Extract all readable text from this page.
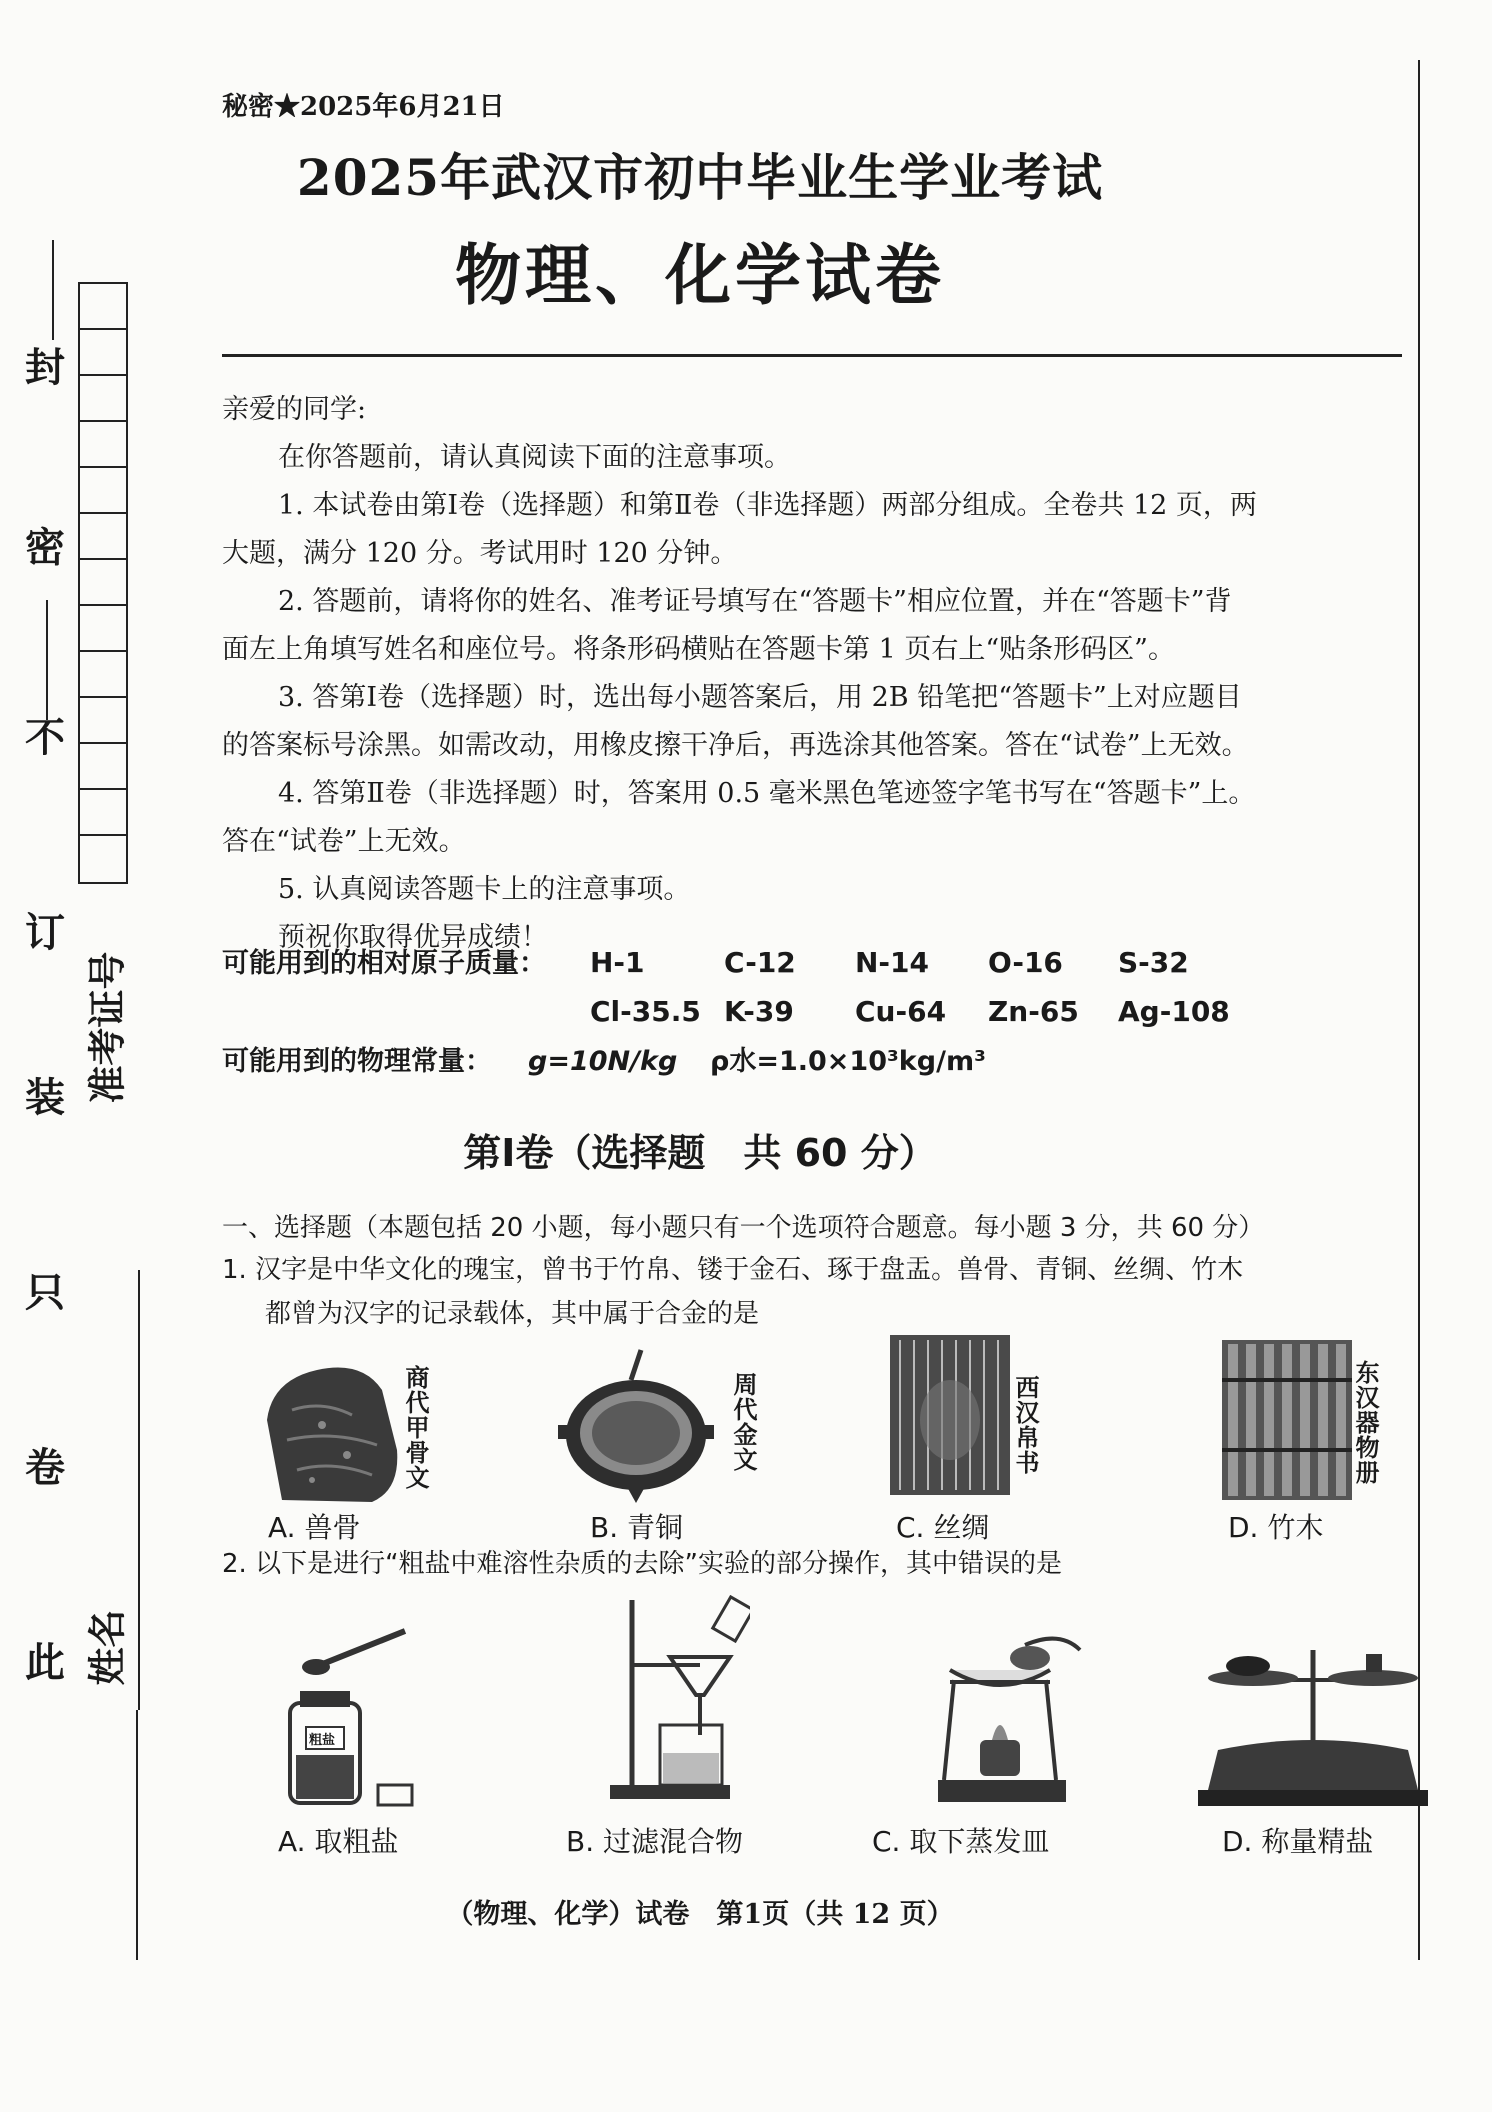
封
密
不
订
装
只
卷
此
准考证号
姓名
秘密★2025年6月21日
2025年武汉市初中毕业生学业考试
物理、化学试卷
亲爱的同学:
在你答题前，请认真阅读下面的注意事项。
1. 本试卷由第Ⅰ卷（选择题）和第Ⅱ卷（非选择题）两部分组成。全卷共 12 页，两
大题，满分 120 分。考试用时 120 分钟。
2. 答题前，请将你的姓名、准考证号填写在“答题卡”相应位置，并在“答题卡”背
面左上角填写姓名和座位号。将条形码横贴在答题卡第 1 页右上“贴条形码区”。
3. 答第Ⅰ卷（选择题）时，选出每小题答案后，用 2B 铅笔把“答题卡”上对应题目
的答案标号涂黑。如需改动，用橡皮擦干净后，再选涂其他答案。答在“试卷”上无效。
4. 答第Ⅱ卷（非选择题）时，答案用 0.5 毫米黑色笔迹签字笔书写在“答题卡”上。
答在“试卷”上无效。
5. 认真阅读答题卡上的注意事项。
预祝你取得优异成绩！
可能用到的相对原子质量： H-1	C-12 N-14 O-16 S-32
Cl-35.5 K-39 Cu-64 Zn-65 Ag-108
可能用到的物理常量： g=10N/kg ρ水=1.0×10³kg/m³
第Ⅰ卷（选择题　共 60 分）
一、选择题（本题包括 20 小题，每小题只有一个选项符合题意。每小题 3 分，共 60 分）
1. 汉字是中华文化的瑰宝，曾书于竹帛、镂于金石、琢于盘盂。兽骨、青铜、丝绸、竹木
都曾为汉字的记录载体，其中属于合金的是
商代甲骨文
A. 兽骨
周代金文
B. 青铜
西汉帛书
C. 丝绸
东汉器物册
D. 竹木
2. 以下是进行“粗盐中难溶性杂质的去除”实验的部分操作，其中错误的是
粗盐
A. 取粗盐	B. 过滤混合物	C. 取下蒸发皿	D. 称量精盐
（物理、化学）试卷　第1页（共 12 页）
